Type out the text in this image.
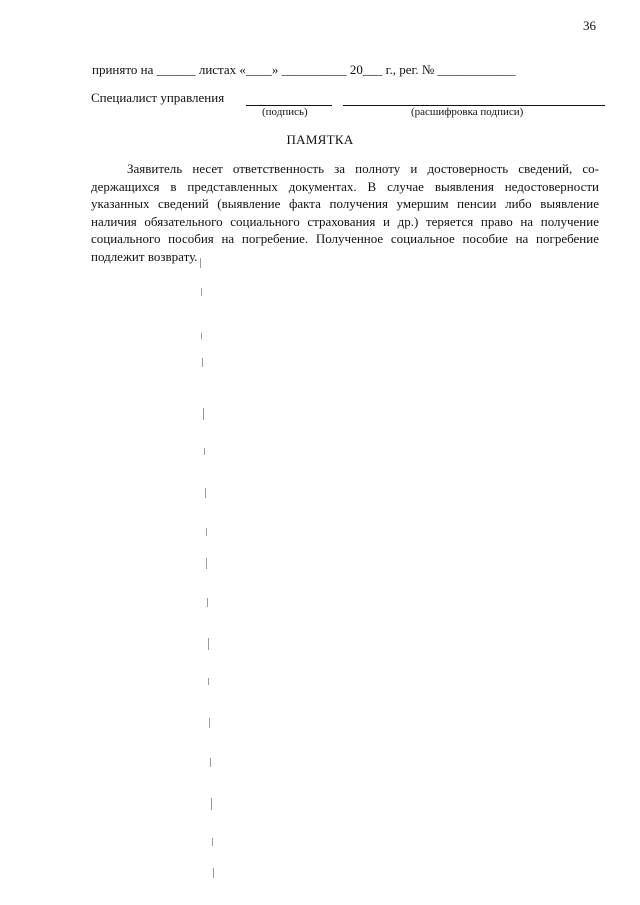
36
принято на ______ листах «____» __________ 20___ г., рег. № ____________
Специалист управления
(подпись)	(расшифровка подписи)
ПАМЯТКА

Заявитель несет ответственность за полноту и достоверность сведений, содержащихся в представленных документах. В случае выявления недостоверности указанных сведений (выявление факта получения умершим пенсии либо выявление наличия обязательного социального страхования и др.) теряется право на получение социального пособия на погребение. Полученное социальное пособие на погребение подлежит возврату.
